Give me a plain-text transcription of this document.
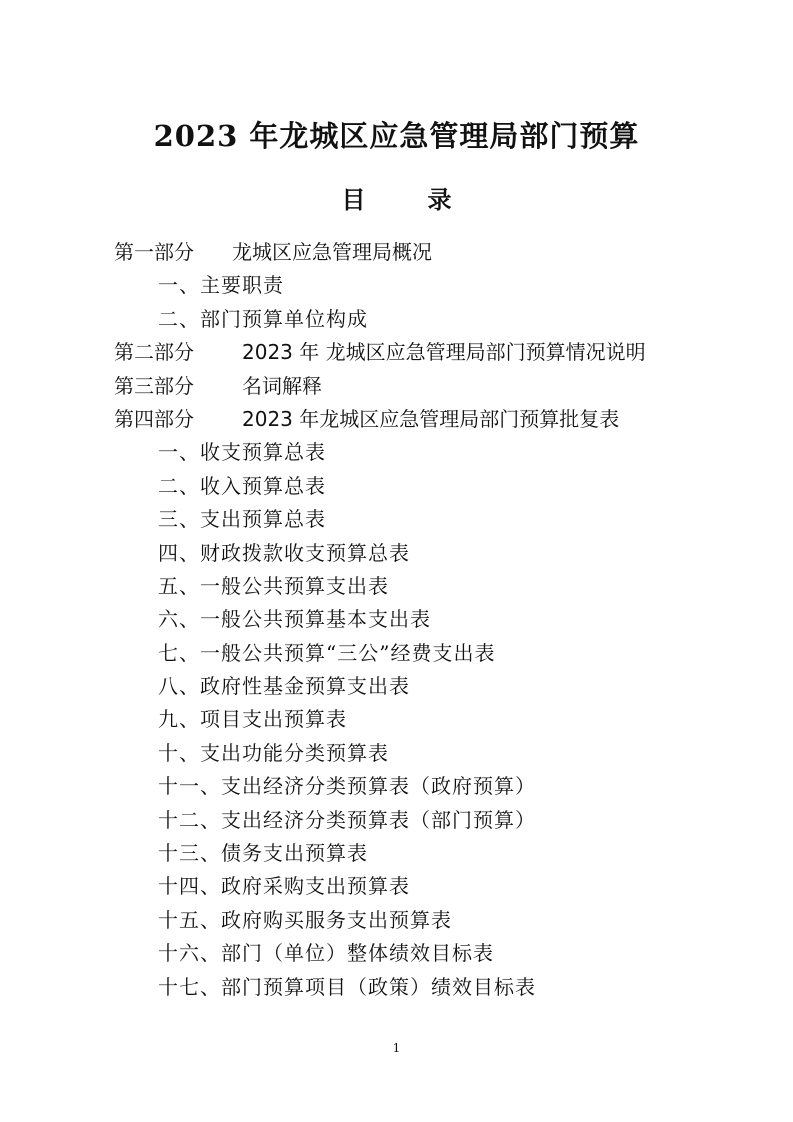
2023 年龙城区应急管理局部门预算
目	录
第一部分 龙城区应急管理局概况
一、主要职责
二、部门预算单位构成
第二部分 2023 年 龙城区应急管理局部门预算情况说明
第三部分 名词解释
第四部分 2023 年龙城区应急管理局部门预算批复表
一、收支预算总表
二、收入预算总表
三、支出预算总表
四、财政拨款收支预算总表
五、一般公共预算支出表
六、一般公共预算基本支出表
七、一般公共预算“三公”经费支出表
八、政府性基金预算支出表
九、项目支出预算表
十、支出功能分类预算表
十一、支出经济分类预算表（政府预算）
十二、支出经济分类预算表（部门预算）
十三、债务支出预算表
十四、政府采购支出预算表
十五、政府购买服务支出预算表
十六、部门（单位）整体绩效目标表
十七、部门预算项目（政策）绩效目标表
1
